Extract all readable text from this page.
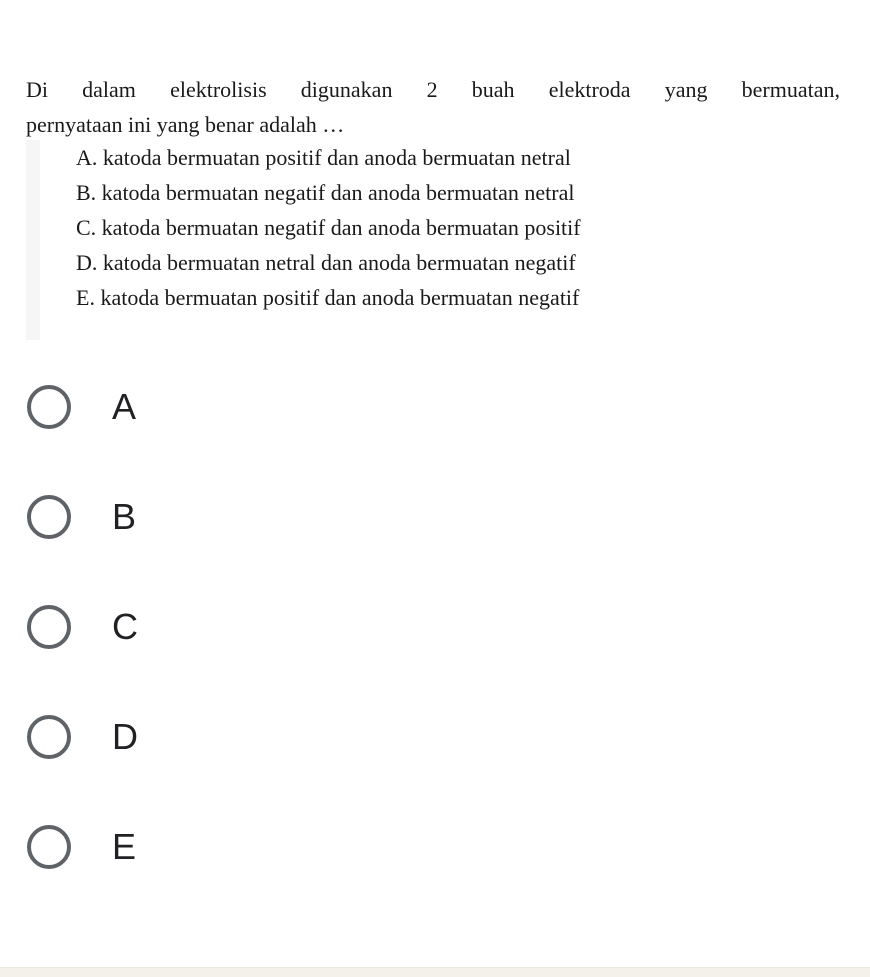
Di dalam elektrolisis digunakan 2 buah elektroda yang bermuatan,
pernyataan ini yang benar adalah …
A. katoda bermuatan positif dan anoda bermuatan netral
B. katoda bermuatan negatif dan anoda bermuatan netral
C. katoda bermuatan negatif dan anoda bermuatan positif
D. katoda bermuatan netral dan anoda bermuatan negatif
E. katoda bermuatan positif dan anoda bermuatan negatif
A
B
C
D
E
